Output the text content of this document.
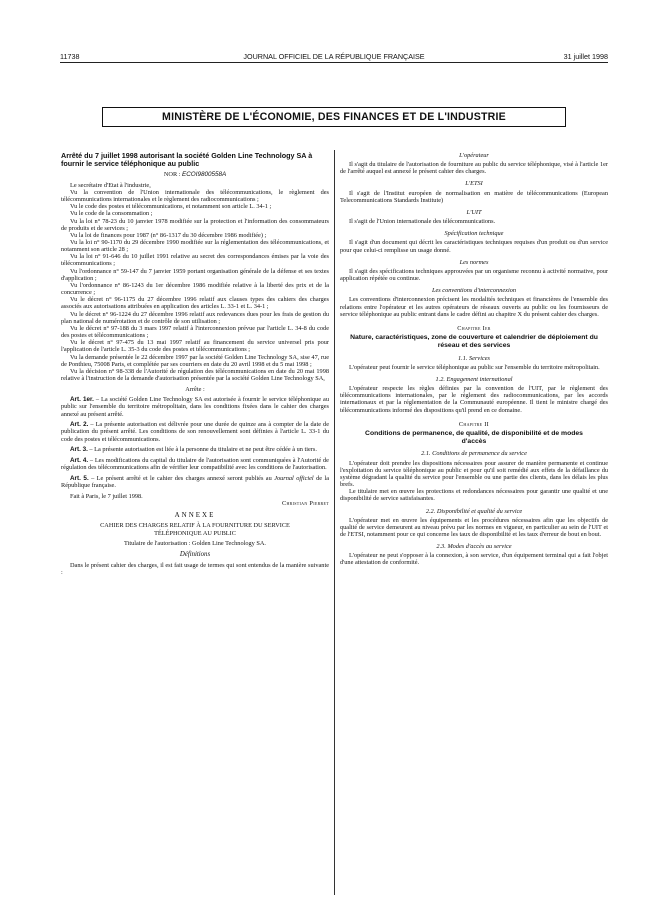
11738	JOURNAL OFFICIEL DE LA RÉPUBLIQUE FRANÇAISE	31 juillet 1998
MINISTÈRE DE L'ÉCONOMIE, DES FINANCES ET DE L'INDUSTRIE

Arrêté du 7 juillet 1998 autorisant la société Golden Line Technology SA à fournir le service téléphonique au public

NOR : ECOI9800558A

Le secrétaire d'Etat à l'industrie,

Vu la convention de l'Union internationale des télécommunications, le règlement des télécommunications internationales et le règlement des radiocommunications ;

Vu le code des postes et télécommunications, et notamment son article L. 34-1 ;

Vu le code de la consommation ;

Vu la loi n° 78-23 du 10 janvier 1978 modifiée sur la protection et l'information des consommateurs de produits et de services ;

Vu la loi de finances pour 1987 (n° 86-1317 du 30 décembre 1986 modifiée) ;

Vu la loi n° 90-1170 du 29 décembre 1990 modifiée sur la réglementation des télécommunications, et notamment son article 28 ;

Vu la loi n° 91-646 du 10 juillet 1991 relative au secret des correspondances émises par la voie des télécommunications ;

Vu l'ordonnance n° 59-147 du 7 janvier 1959 portant organisation générale de la défense et ses textes d'application ;

Vu l'ordonnance n° 86-1243 du 1er décembre 1986 modifiée relative à la liberté des prix et de la concurrence ;

Vu le décret n° 96-1175 du 27 décembre 1996 relatif aux clauses types des cahiers des charges associés aux autorisations attribuées en application des articles L. 33-1 et L. 34-1 ;

Vu le décret n° 96-1224 du 27 décembre 1996 relatif aux redevances dues pour les frais de gestion du plan national de numérotation et de contrôle de son utilisation ;

Vu le décret n° 97-188 du 3 mars 1997 relatif à l'interconnexion prévue par l'article L. 34-8 du code des postes et télécommunications ;

Vu le décret n° 97-475 du 13 mai 1997 relatif au financement du service universel pris pour l'application de l'article L. 35-3 du code des postes et télécommunications ;

Vu la demande présentée le 22 décembre 1997 par la société Golden Line Technology SA, sise 47, rue de Ponthieu, 75008 Paris, et complétée par ses courriers en date du 20 avril 1998 et du 5 mai 1998 ;

Vu la décision n° 98-338 de l'Autorité de régulation des télécommunications en date du 20 mai 1998 relative à l'instruction de la demande d'autorisation présentée par la société Golden Line Technology SA,

Arrête :

Art. 1er. – La société Golden Line Technology SA est autorisée à fournir le service téléphonique au public sur l'ensemble du territoire métropolitain, dans les conditions fixées dans le cahier des charges annexé au présent arrêté.

Art. 2. – La présente autorisation est délivrée pour une durée de quinze ans à compter de la date de publication du présent arrêté. Les conditions de son renouvellement sont définies à l'article L. 33-1 du code des postes et télécommunications.

Art. 3. – La présente autorisation est liée à la personne du titulaire et ne peut être cédée à un tiers.

Art. 4. – Les modifications du capital du titulaire de l'autorisation sont communiquées à l'Autorité de régulation des télécommunications afin de vérifier leur compatibilité avec les conditions de l'autorisation.

Art. 5. – Le présent arrêté et le cahier des charges annexé seront publiés au Journal officiel de la République française.

Fait à Paris, le 7 juillet 1998.

Christian Pierret

ANNEXE

CAHIER DES CHARGES RELATIF À LA FOURNITURE DU SERVICE TÉLÉPHONIQUE AU PUBLIC

Titulaire de l'autorisation : Golden Line Technology SA.

Définitions

Dans le présent cahier des charges, il est fait usage de termes qui sont entendus de la manière suivante :

L'opérateur

Il s'agit du titulaire de l'autorisation de fourniture au public du service téléphonique, visé à l'article 1er de l'arrêté auquel est annexé le présent cahier des charges.

L'ETSI

Il s'agit de l'Institut européen de normalisation en matière de télécommunications (European Telecommunications Standards Institute)

L'UIT

Il s'agit de l'Union internationale des télécommunications.

Spécification technique

Il s'agit d'un document qui décrit les caractéristiques techniques requises d'un produit ou d'un service pour que celui-ci remplisse un usage donné.

Les normes

Il s'agit des spécifications techniques approuvées par un organisme reconnu à activité normative, pour application répétée ou continue.

Les conventions d'interconnexion

Les conventions d'interconnexion précisent les modalités techniques et financières de l'ensemble des relations entre l'opérateur et les autres opérateurs de réseaux ouverts au public ou les fournisseurs de service téléphonique au public entrant dans le cadre défini au chapitre X du présent cahier des charges.

Chapitre Ier

Nature, caractéristiques, zone de couverture et calendrier de déploiement du réseau et des services

1.1. Services

L'opérateur peut fournir le service téléphonique au public sur l'ensemble du territoire métropolitain.

1.2. Engagement international

L'opérateur respecte les règles définies par la convention de l'UIT, par le règlement des télécommunications internationales, par le règlement des radiocommunications, par les accords internationaux et par la réglementation de la Communauté européenne. Il tient le ministre chargé des télécommunications informé des dispositions qu'il prend en ce domaine.

Chapitre II

Conditions de permanence, de qualité, de disponibilité et de modes d'accès

2.1. Conditions de permanence du service

L'opérateur doit prendre les dispositions nécessaires pour assurer de manière permanente et continue l'exploitation du service téléphonique au public et pour qu'il soit remédié aux effets de la défaillance du système dégradant la qualité du service pour l'ensemble ou une partie des clients, dans les délais les plus brefs.

Le titulaire met en œuvre les protections et redondances nécessaires pour garantir une qualité et une disponibilité de service satisfaisantes.

2.2. Disponibilité et qualité du service

L'opérateur met en œuvre les équipements et les procédures nécessaires afin que les objectifs de qualité de service demeurent au niveau prévu par les normes en vigueur, en particulier au sein de l'UIT et de l'ETSI, notamment pour ce qui concerne les taux de disponibilité et les taux d'erreur de bout en bout.

2.3. Modes d'accès au service

L'opérateur ne peut s'opposer à la connexion, à son service, d'un équipement terminal qui a fait l'objet d'une attestation de conformité.
